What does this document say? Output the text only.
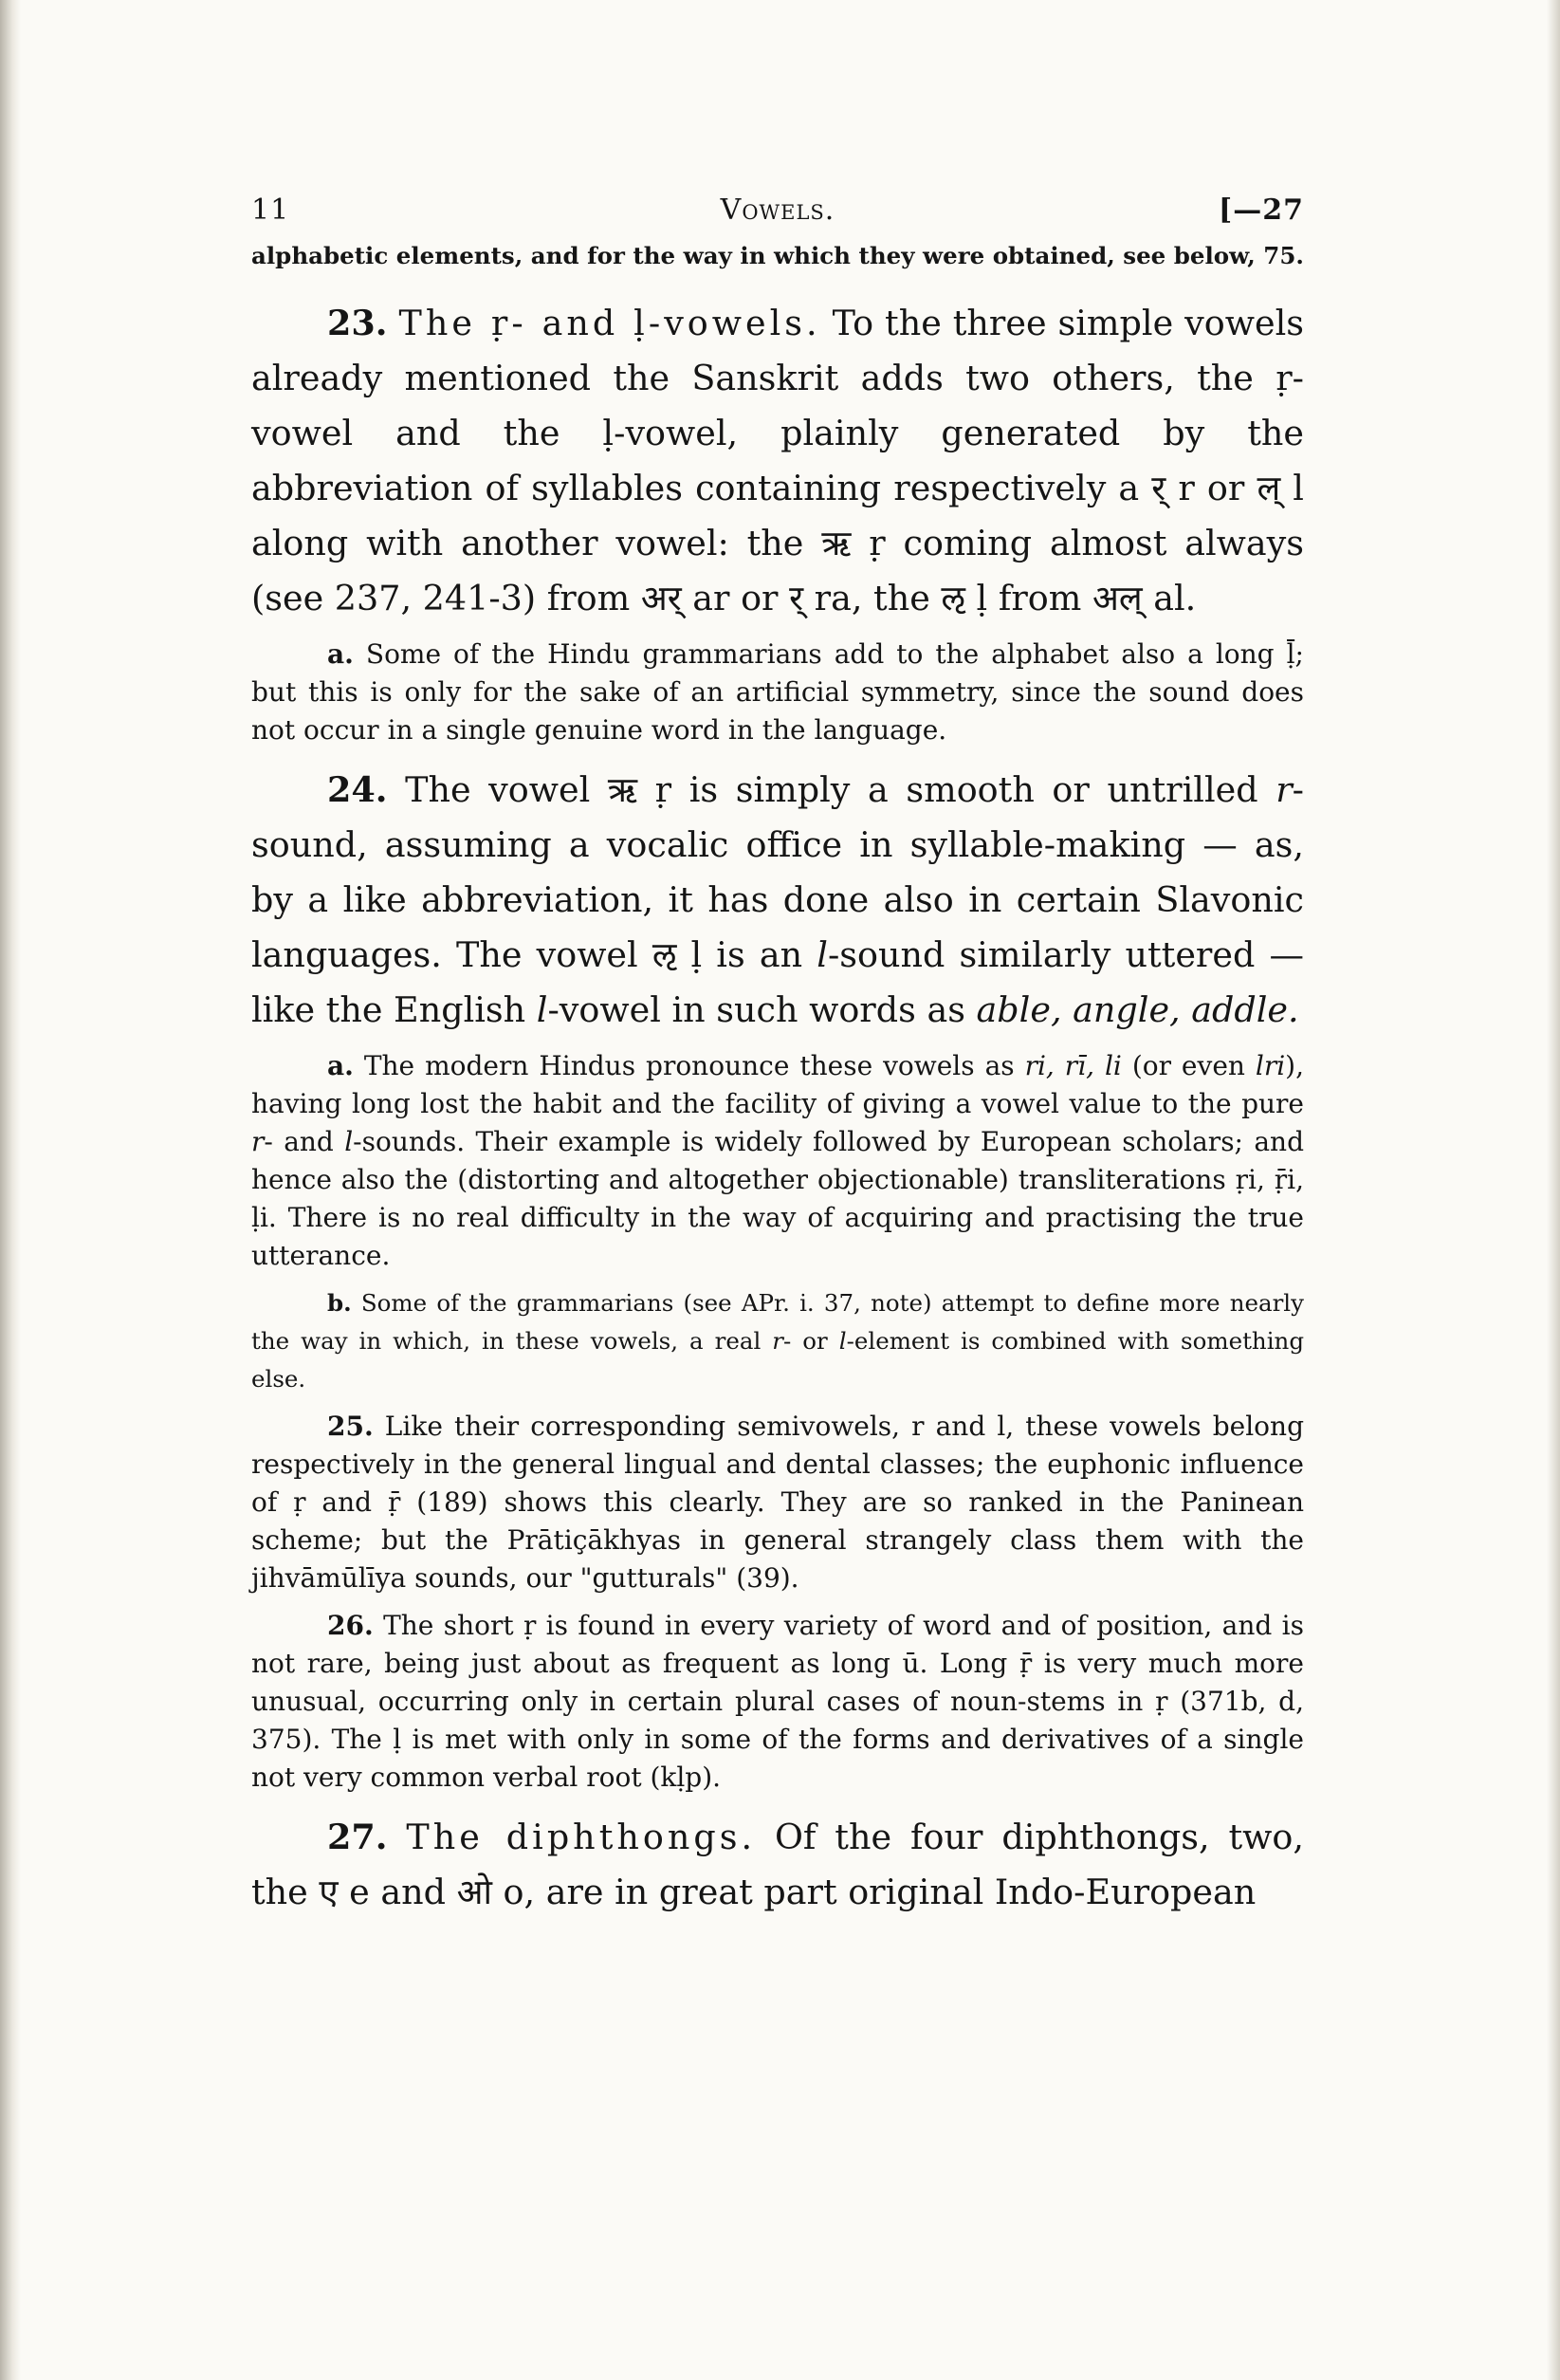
11	Vowels.	[—27

alphabetic elements, and for the way in which they were obtained, see below, 75.

23. The ṛ- and ḷ-vowels. To the three simple vowels already mentioned the Sanskrit adds two others, the ṛ-vowel and the ḷ-vowel, plainly generated by the abbreviation of syllables containing respectively a र् r or ल् l along with another vowel: the ऋ ṛ coming almost always (see 237, 241-3) from अर् ar or र् ra, the ऌ ḷ from अल् al.

a. Some of the Hindu grammarians add to the alphabet also a long ḹ; but this is only for the sake of an artificial symmetry, since the sound does not occur in a single genuine word in the language.

24. The vowel ऋ ṛ is simply a smooth or untrilled r-sound, assuming a vocalic office in syllable-making — as, by a like abbreviation, it has done also in certain Slavonic languages. The vowel ऌ ḷ is an l-sound similarly uttered — like the English l-vowel in such words as able, angle, addle.

a. The modern Hindus pronounce these vowels as ri, rī, li (or even lri), having long lost the habit and the facility of giving a vowel value to the pure r- and l-sounds. Their example is widely followed by European scholars; and hence also the (distorting and altogether objectionable) transliterations ṛi, ṝi, ḷi. There is no real difficulty in the way of acquiring and practising the true utterance.

b. Some of the grammarians (see APr. i. 37, note) attempt to define more nearly the way in which, in these vowels, a real r- or l-element is combined with something else.

25. Like their corresponding semivowels, r and l, these vowels belong respectively in the general lingual and dental classes; the euphonic influence of ṛ and ṝ (189) shows this clearly. They are so ranked in the Paninean scheme; but the Prātiçākhyas in general strangely class them with the jihvāmūlīya sounds, our "gutturals" (39).

26. The short ṛ is found in every variety of word and of position, and is not rare, being just about as frequent as long ū. Long ṝ is very much more unusual, occurring only in certain plural cases of noun-stems in ṛ (371b, d, 375). The ḷ is met with only in some of the forms and derivatives of a single not very common verbal root (kḷp).

27. The diphthongs. Of the four diphthongs, two, the ए e and ओ o, are in great part original Indo-European
